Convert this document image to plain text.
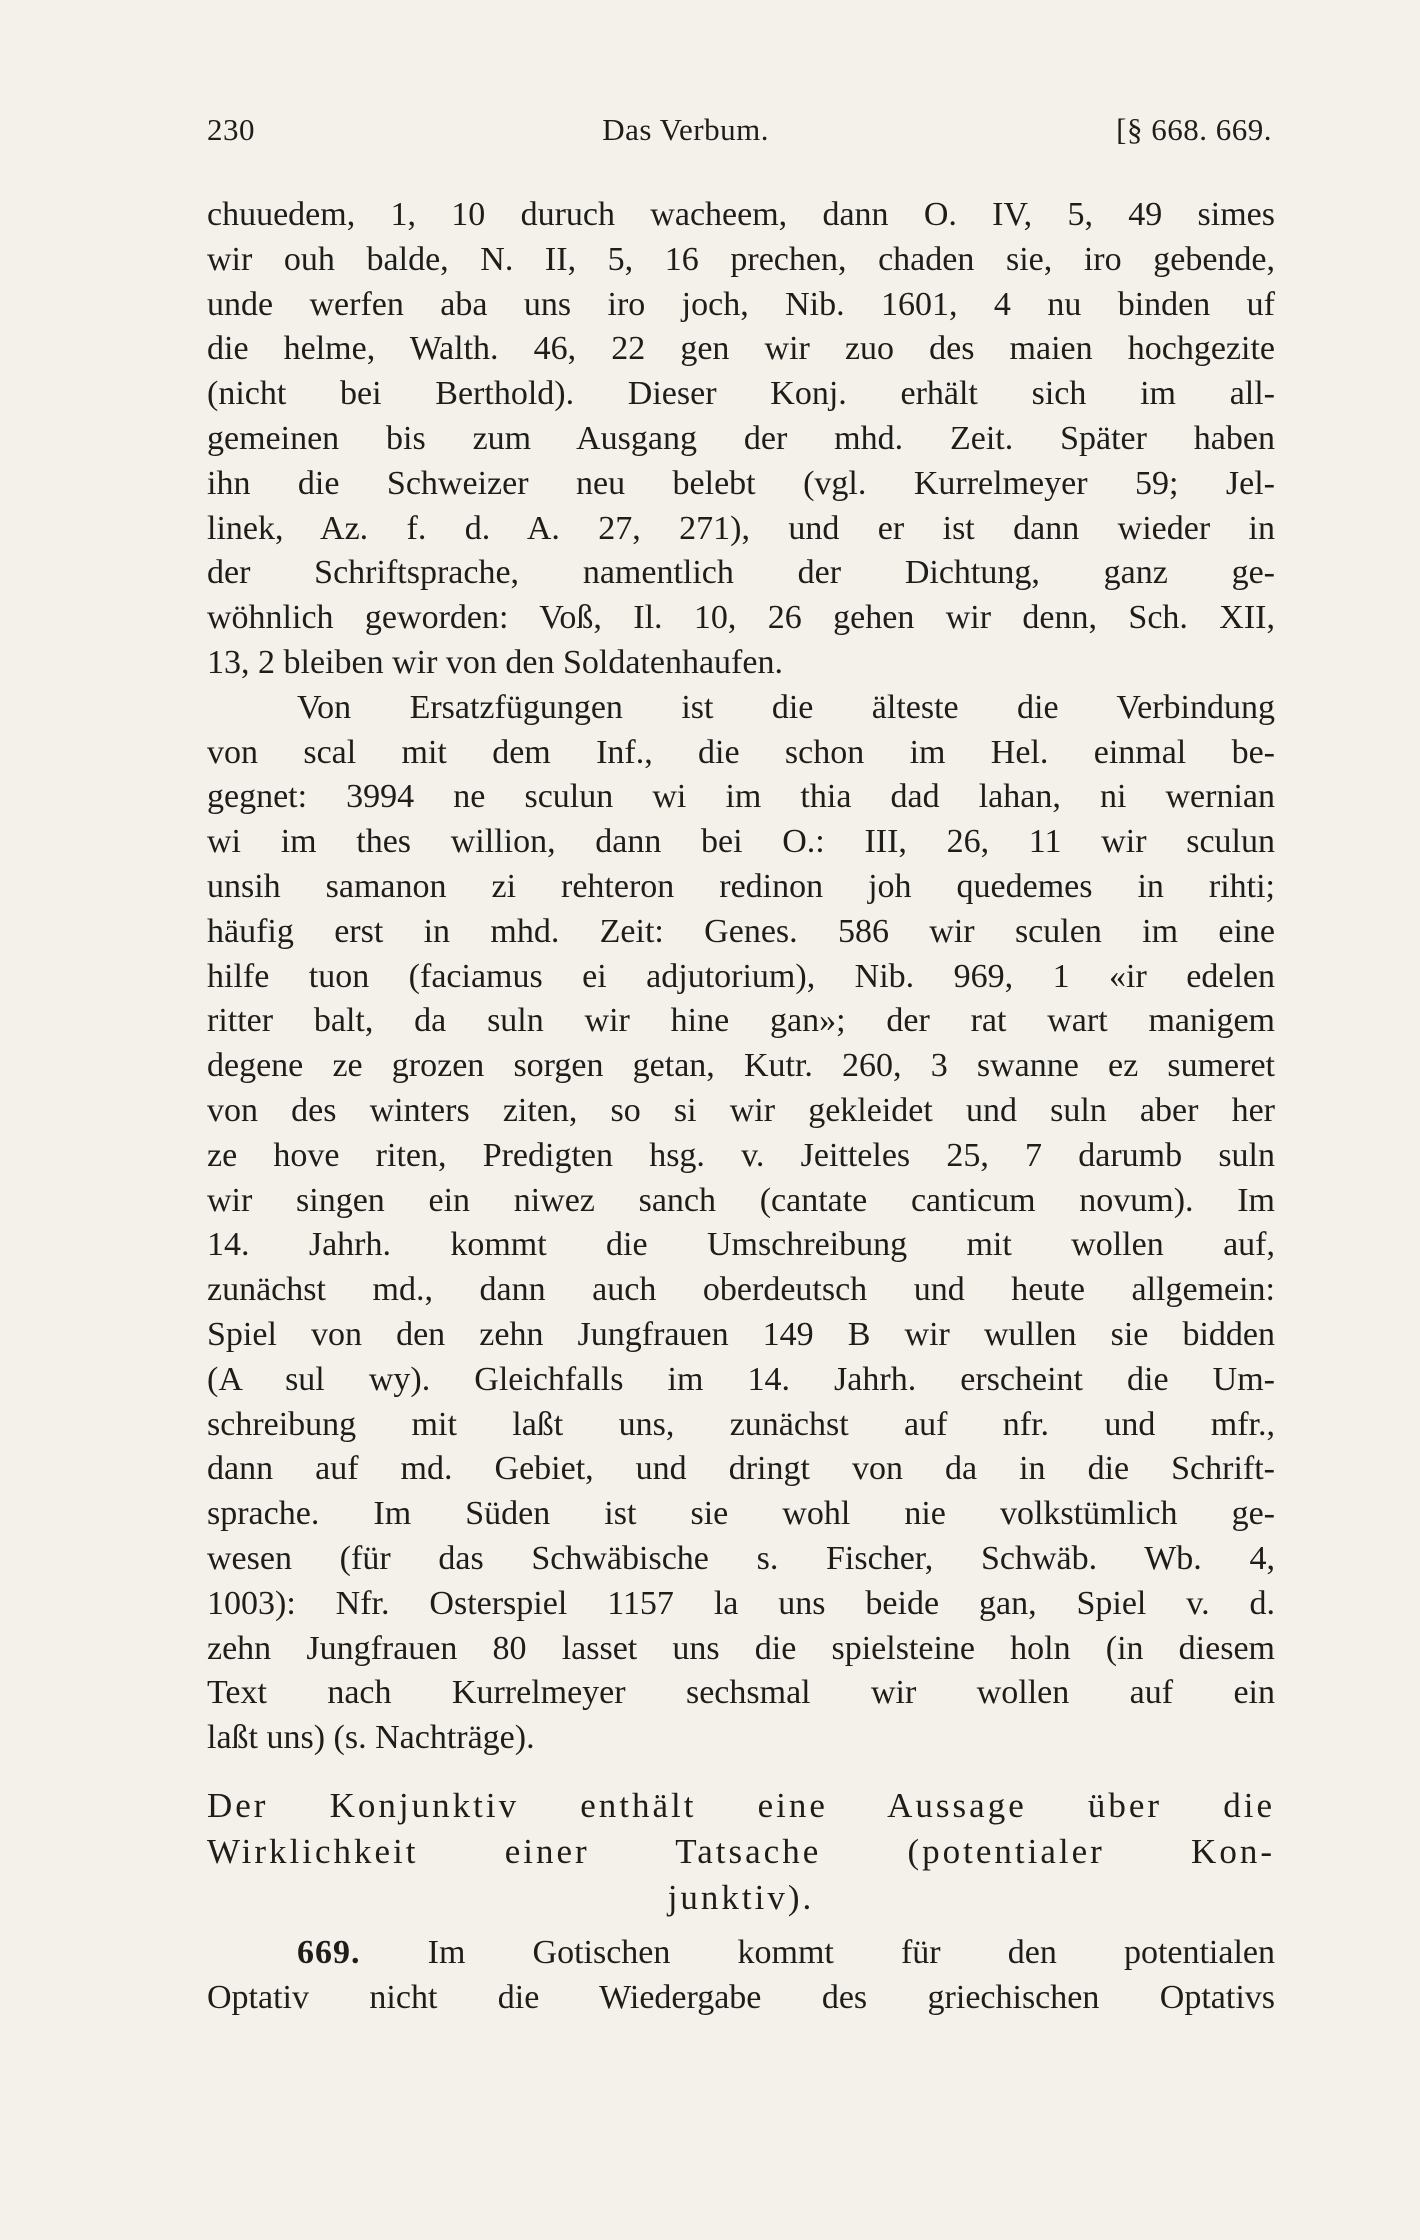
230	Das Verbum.	[§ 668. 669.
chuuedem, 1, 10 duruch wacheem, dann O. IV, 5, 49 simes
wir ouh balde, N. II, 5, 16 prechen, chaden sie, iro gebende,
unde werfen aba uns iro joch, Nib. 1601, 4 nu binden uf
die helme, Walth. 46, 22 gen wir zuo des maien hochgezite
(nicht bei Berthold). Dieser Konj. erhält sich im all-
gemeinen bis zum Ausgang der mhd. Zeit. Später haben
ihn die Schweizer neu belebt (vgl. Kurrelmeyer 59; Jel-
linek, Az. f. d. A. 27, 271), und er ist dann wieder in
der Schriftsprache, namentlich der Dichtung, ganz ge-
wöhnlich geworden: Voß, Il. 10, 26 gehen wir denn, Sch. XII,
13, 2 bleiben wir von den Soldatenhaufen.
Von Ersatzfügungen ist die älteste die Verbindung
von scal mit dem Inf., die schon im Hel. einmal be-
gegnet: 3994 ne sculun wi im thia dad lahan, ni wernian
wi im thes willion, dann bei O.: III, 26, 11 wir sculun
unsih samanon zi rehteron redinon joh quedemes in rihti;
häufig erst in mhd. Zeit: Genes. 586 wir sculen im eine
hilfe tuon (faciamus ei adjutorium), Nib. 969, 1 «ir edelen
ritter balt, da suln wir hine gan»; der rat wart manigem
degene ze grozen sorgen getan, Kutr. 260, 3 swanne ez sumeret
von des winters ziten, so si wir gekleidet und suln aber her
ze hove riten, Predigten hsg. v. Jeitteles 25, 7 darumb suln
wir singen ein niwez sanch (cantate canticum novum). Im
14. Jahrh. kommt die Umschreibung mit wollen auf,
zunächst md., dann auch oberdeutsch und heute allgemein:
Spiel von den zehn Jungfrauen 149 B wir wullen sie bidden
(A sul wy). Gleichfalls im 14. Jahrh. erscheint die Um-
schreibung mit laßt uns, zunächst auf nfr. und mfr.,
dann auf md. Gebiet, und dringt von da in die Schrift-
sprache. Im Süden ist sie wohl nie volkstümlich ge-
wesen (für das Schwäbische s. Fischer, Schwäb. Wb. 4,
1003): Nfr. Osterspiel 1157 la uns beide gan, Spiel v. d.
zehn Jungfrauen 80 lasset uns die spielsteine holn (in diesem
Text nach Kurrelmeyer sechsmal wir wollen auf ein
laßt uns) (s. Nachträge).
Der Konjunktiv enthält eine Aussage über die
Wirklichkeit einer Tatsache (potentialer Kon-
junktiv).
669. Im Gotischen kommt für den potentialen
Optativ nicht die Wiedergabe des griechischen Optativs
